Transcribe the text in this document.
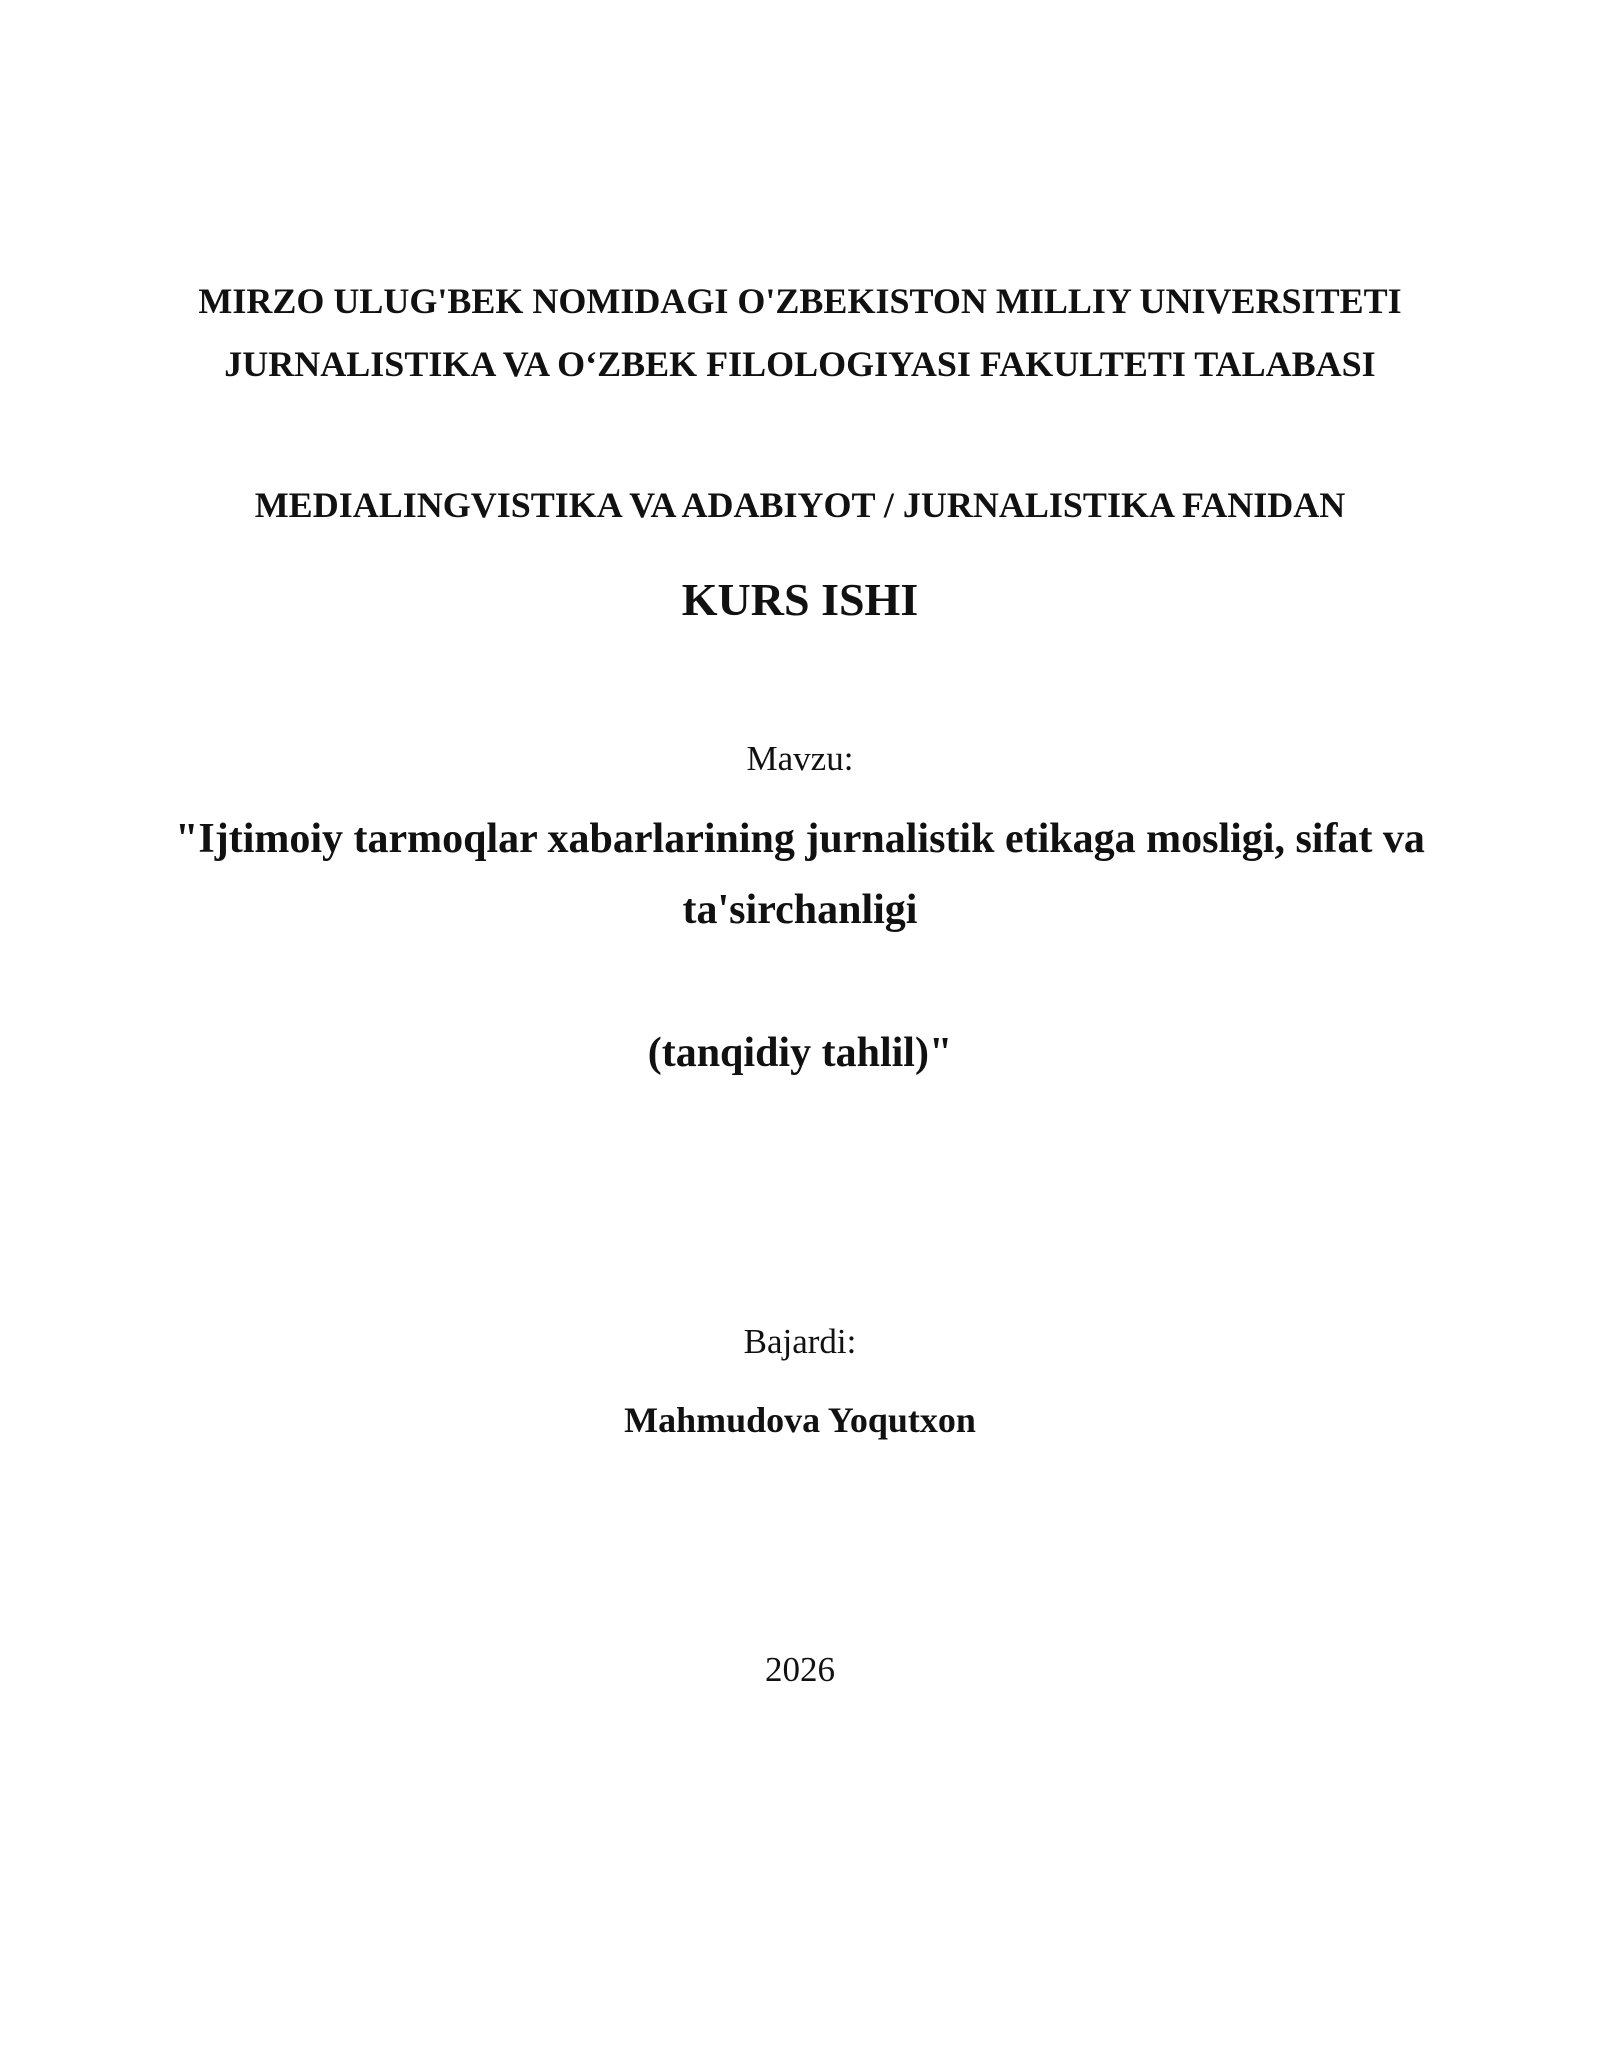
MIRZO ULUG'BEK NOMIDAGI O'ZBEKISTON MILLIY UNIVERSITETI
JURNALISTIKA VA O‘ZBEK FILOLOGIYASI FAKULTETI TALABASI
MEDIALINGVISTIKA VA ADABIYOT / JURNALISTIKA FANIDAN
KURS ISHI
Mavzu:
"Ijtimoiy tarmoqlar xabarlarining jurnalistik etikaga mosligi, sifat va
ta'sirchanligi
(tanqidiy tahlil)"
Bajardi:
Mahmudova Yoqutxon
2026
